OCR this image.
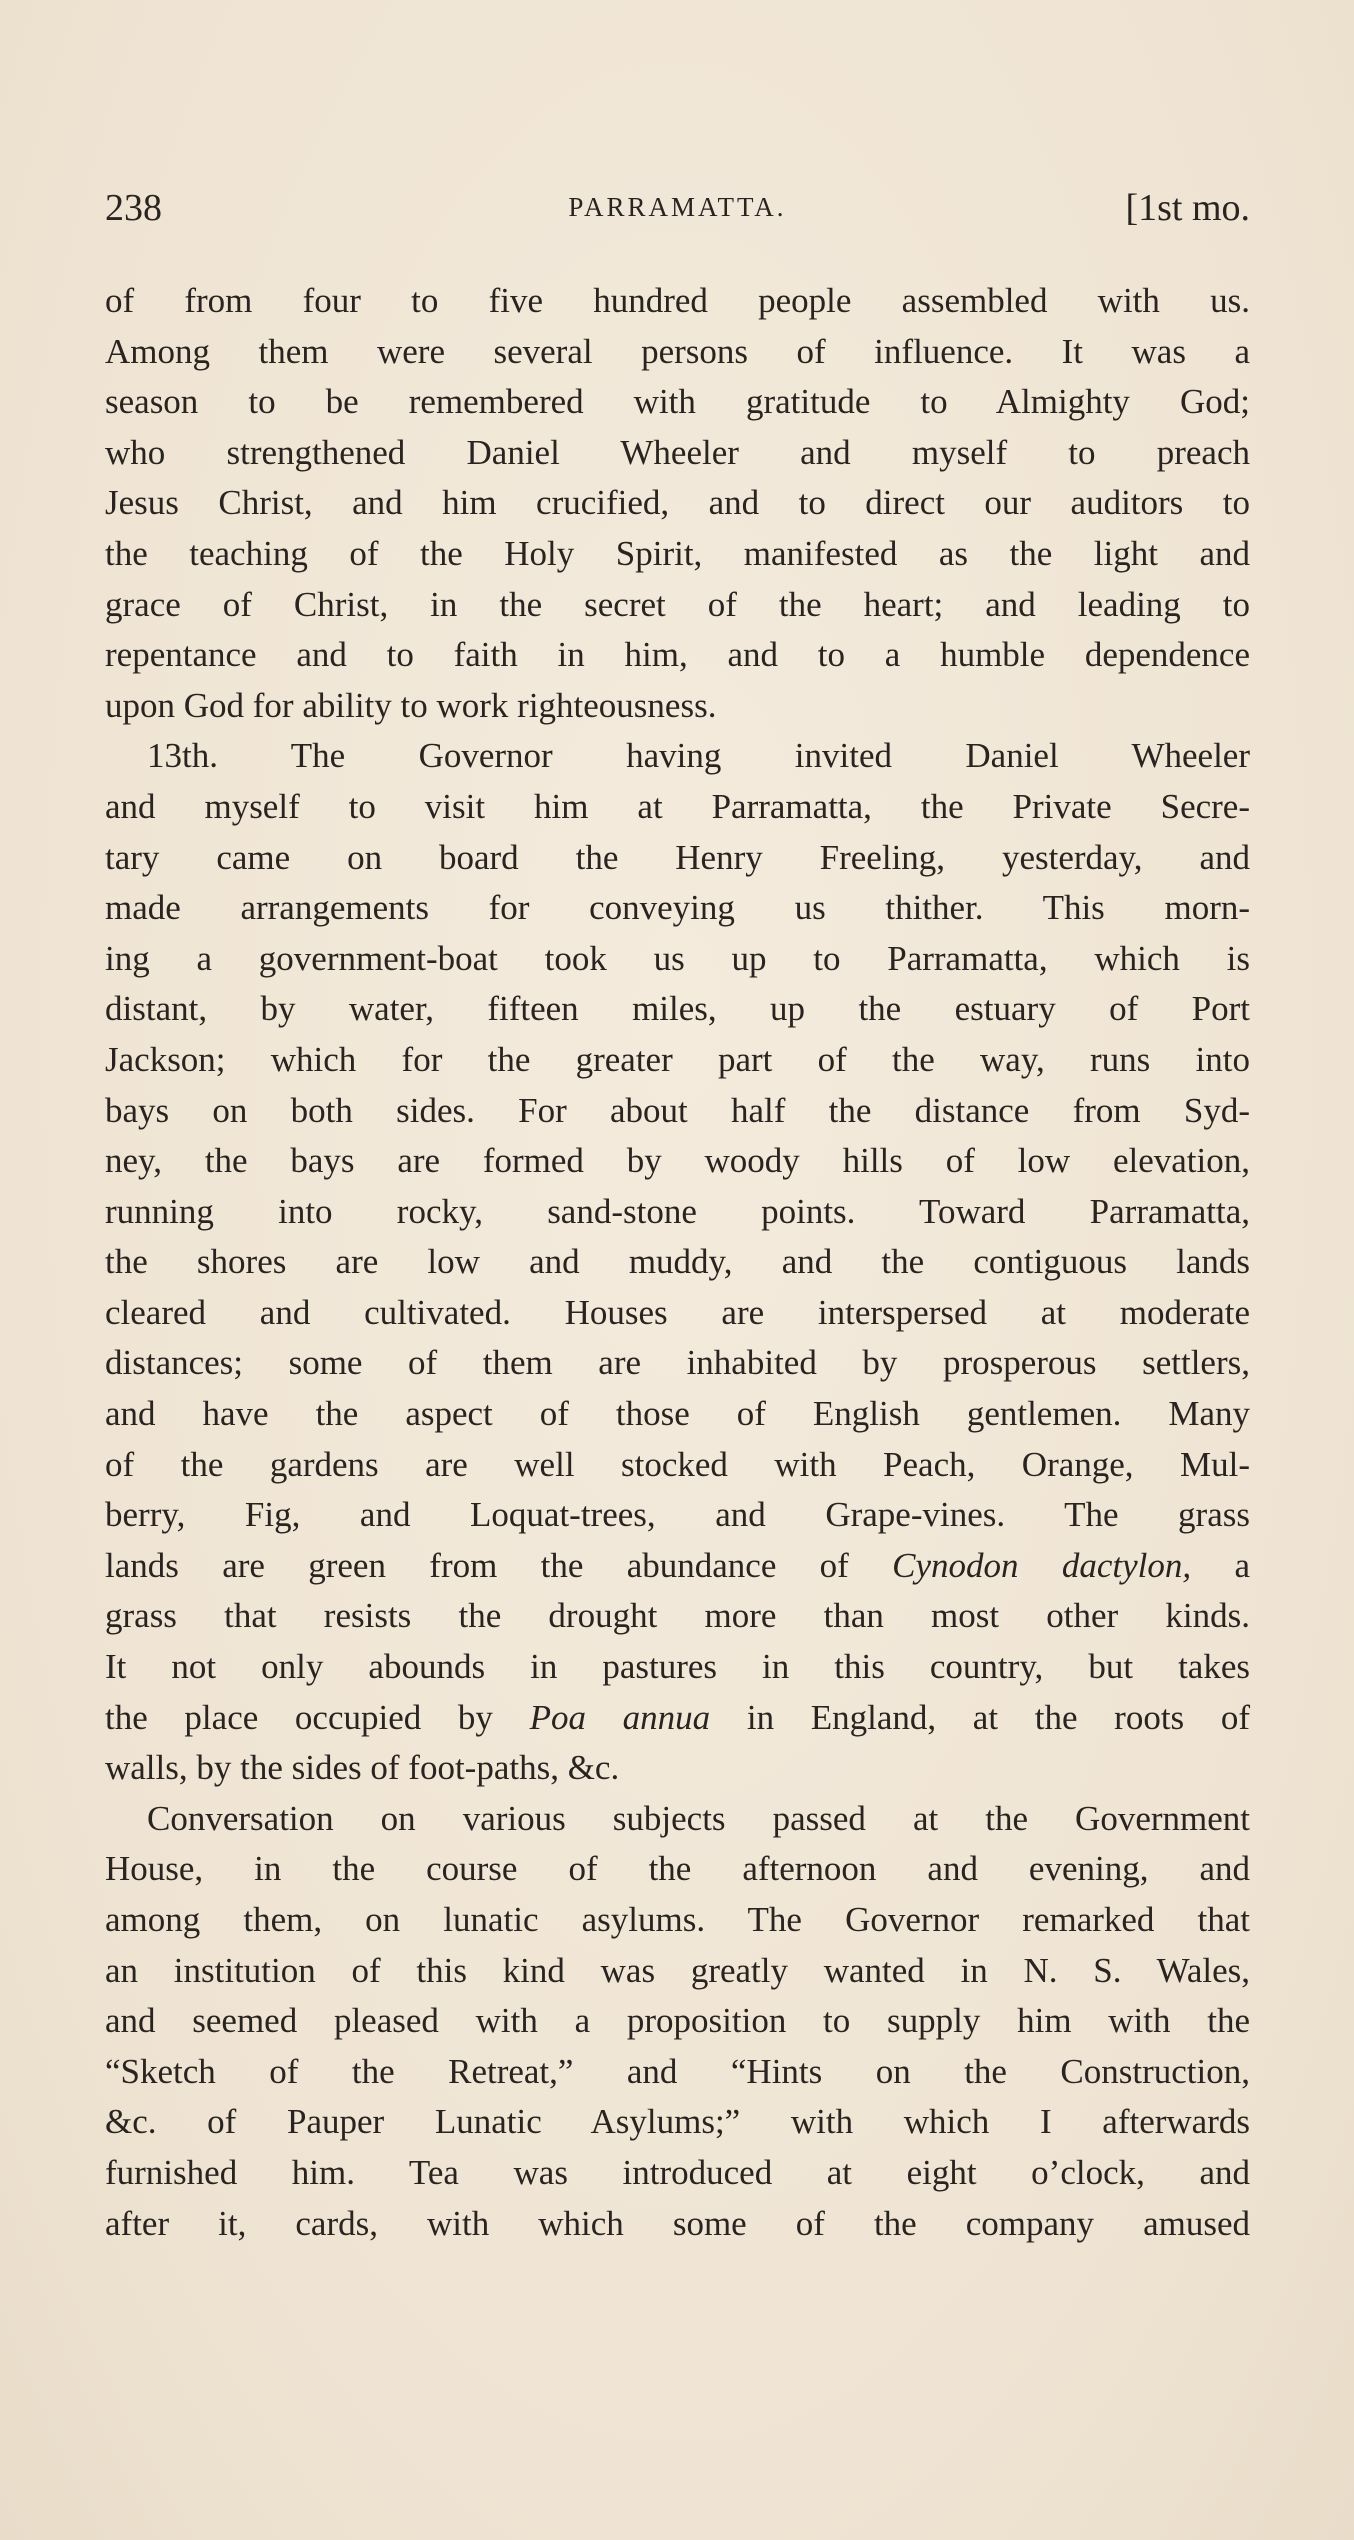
238	PARRAMATTA.	[1st mo.
of from four to five hundred people assembled with us.
Among them were several persons of influence. It was a
season to be remembered with gratitude to Almighty God;
who strengthened Daniel Wheeler and myself to preach
Jesus Christ, and him crucified, and to direct our auditors to
the teaching of the Holy Spirit, manifested as the light and
grace of Christ, in the secret of the heart; and leading to
repentance and to faith in him, and to a humble dependence
upon God for ability to work righteousness.
13th. The Governor having invited Daniel Wheeler
and myself to visit him at Parramatta, the Private Secre-
tary came on board the Henry Freeling, yesterday, and
made arrangements for conveying us thither. This morn-
ing a government-boat took us up to Parramatta, which is
distant, by water, fifteen miles, up the estuary of Port
Jackson; which for the greater part of the way, runs into
bays on both sides. For about half the distance from Syd-
ney, the bays are formed by woody hills of low elevation,
running into rocky, sand-stone points. Toward Parramatta,
the shores are low and muddy, and the contiguous lands
cleared and cultivated. Houses are interspersed at moderate
distances; some of them are inhabited by prosperous settlers,
and have the aspect of those of English gentlemen. Many
of the gardens are well stocked with Peach, Orange, Mul-
berry, Fig, and Loquat-trees, and Grape-vines. The grass
lands are green from the abundance of Cynodon dactylon, a
grass that resists the drought more than most other kinds.
It not only abounds in pastures in this country, but takes
the place occupied by Poa annua in England, at the roots of
walls, by the sides of foot-paths, &c.
Conversation on various subjects passed at the Government
House, in the course of the afternoon and evening, and
among them, on lunatic asylums. The Governor remarked that
an institution of this kind was greatly wanted in N. S. Wales,
and seemed pleased with a proposition to supply him with the
“Sketch of the Retreat,” and “Hints on the Construction,
&c. of Pauper Lunatic Asylums;” with which I afterwards
furnished him. Tea was introduced at eight o’clock, and
after it, cards, with which some of the company amused
